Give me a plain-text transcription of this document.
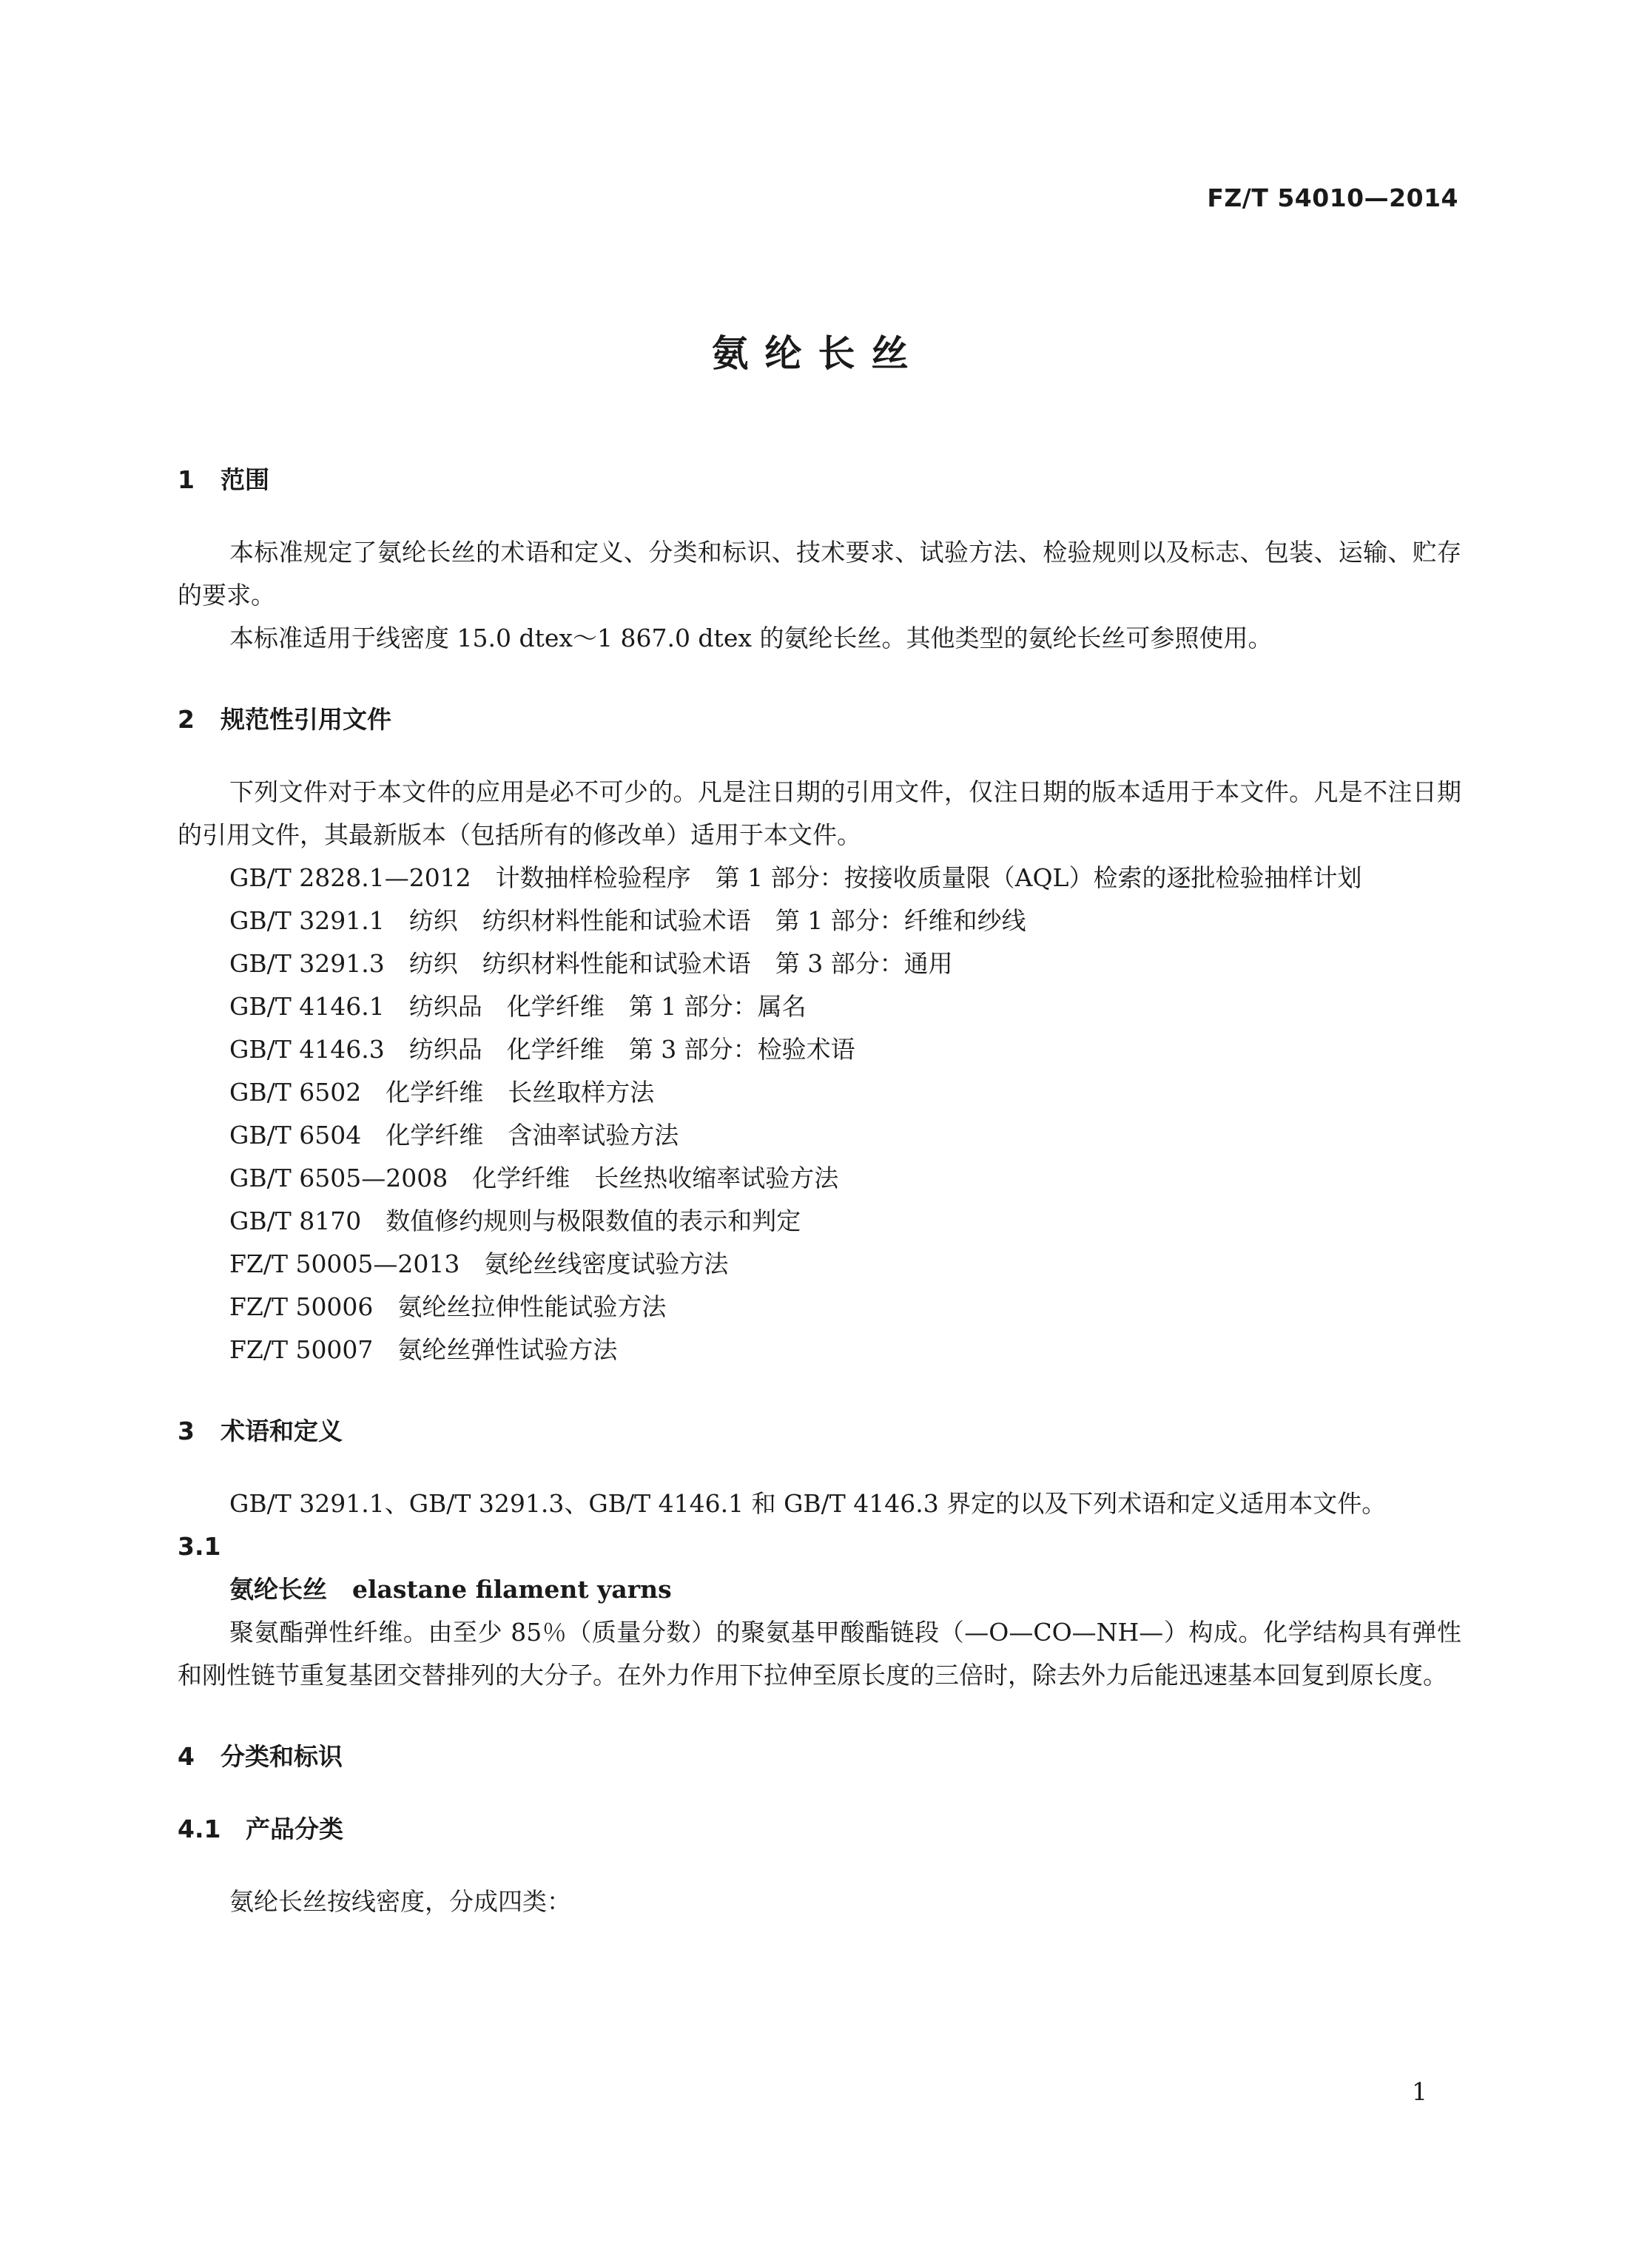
FZ/T 54010—2014
氨纶长丝
1 范围

本标准规定了氨纶长丝的术语和定义、分类和标识、技术要求、试验方法、检验规则以及标志、包装、运输、贮存的要求。

本标准适用于线密度 15.0 dtex～1 867.0 dtex 的氨纶长丝。其他类型的氨纶长丝可参照使用。

2 规范性引用文件

下列文件对于本文件的应用是必不可少的。凡是注日期的引用文件，仅注日期的版本适用于本文件。凡是不注日期的引用文件，其最新版本（包括所有的修改单）适用于本文件。

GB/T 2828.1—2012　计数抽样检验程序　第 1 部分：按接收质量限（AQL）检索的逐批检验抽样计划

GB/T 3291.1　纺织　纺织材料性能和试验术语　第 1 部分：纤维和纱线

GB/T 3291.3　纺织　纺织材料性能和试验术语　第 3 部分：通用

GB/T 4146.1　纺织品　化学纤维　第 1 部分：属名

GB/T 4146.3　纺织品　化学纤维　第 3 部分：检验术语

GB/T 6502　化学纤维　长丝取样方法

GB/T 6504　化学纤维　含油率试验方法

GB/T 6505—2008　化学纤维　长丝热收缩率试验方法

GB/T 8170　数值修约规则与极限数值的表示和判定

FZ/T 50005—2013　氨纶丝线密度试验方法

FZ/T 50006　氨纶丝拉伸性能试验方法

FZ/T 50007　氨纶丝弹性试验方法

3 术语和定义

GB/T 3291.1、GB/T 3291.3、GB/T 4146.1 和 GB/T 4146.3 界定的以及下列术语和定义适用本文件。

3.1
氨纶长丝 elastane filament yarns

聚氨酯弹性纤维。由至少 85％（质量分数）的聚氨基甲酸酯链段（—O—CO—NH—）构成。化学结构具有弹性和刚性链节重复基团交替排列的大分子。在外力作用下拉伸至原长度的三倍时，除去外力后能迅速基本回复到原长度。

4 分类和标识
4.1 产品分类

氨纶长丝按线密度，分成四类：

1
